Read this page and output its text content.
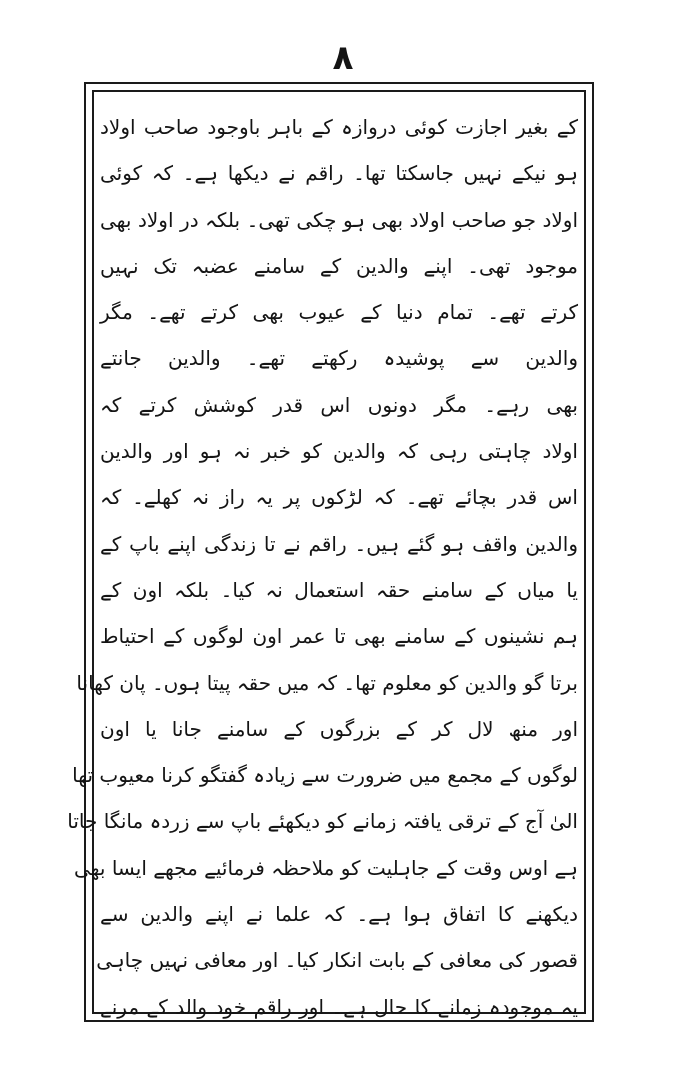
۸
کے بغیر اجازت کوئی دروازہ کے باہر باوجود صاحب اولاد
ہو نیکے نہیں جاسکتا تھا۔ راقم نے دیکھا ہے۔ کہ کوئی
اولاد جو صاحب اولاد بھی ہو چکی تھی۔ بلکہ در اولاد بھی
موجود تھی۔ اپنے والدین کے سامنے عضبہ تک نہیں
کرتے تھے۔ تمام دنیا کے عیوب بھی کرتے تھے۔ مگر
والدین سے پوشیدہ رکھتے تھے۔ والدین جانتے
بھی رہے۔ مگر دونوں اس قدر کوشش کرتے کہ
اولاد چاہتی رہی کہ والدین کو خبر نہ ہو اور والدین
اس قدر بچائے تھے۔ کہ لڑکوں پر یہ راز نہ کھلے۔ کہ
والدین واقف ہو گئے ہیں۔ راقم نے تا زندگی اپنے باپ کے
یا میاں کے سامنے حقہ استعمال نہ کیا۔ بلکہ اون کے
ہم نشینوں کے سامنے بھی تا عمر اون لوگوں کے احتیاط
برتا گو والدین کو معلوم تھا۔ کہ میں حقہ پیتا ہوں۔ پان کھانا
اور منھ لال کر کے بزرگوں کے سامنے جانا یا اون
لوگوں کے مجمع میں ضرورت سے زیادہ گفتگو کرنا معیوب تھا
الیٰ آج کے ترقی یافتہ زمانے کو دیکھئے باپ سے زردہ مانگا جاتا
ہے اوس وقت کے جاہلیت کو ملاحظہ فرمائیے مجھے ایسا بھی
دیکھنے کا اتفاق ہوا ہے۔ کہ علما نے اپنے والدین سے
قصور کی معافی کے بابت انکار کیا۔ اور معافی نہیں چاہی
یہ موجودہ زمانے کا حال ہے۔ اور راقم خود والد کے مرنے
